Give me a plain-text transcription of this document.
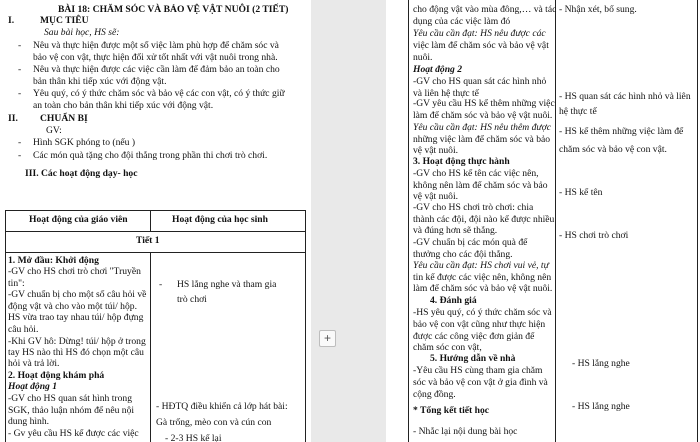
BÀI 18: CHĂM SÓC VÀ BẢO VỆ VẬT NUÔI (2 TIẾT)
I.	MỤC TIÊU
Sau bài học, HS sẽ:
- Nêu và thực hiện được một số việc làm phù hợp để chăm sóc và
bảo vệ con vật, thực hiện đối xử tốt nhất với vật nuôi trong nhà.
- Nêu và thực hiện được các việc cần làm để đảm bảo an toàn cho
bản thân khi tiếp xúc với động vật.
- Yêu quý, có ý thức chăm sóc và bảo vệ các con vật, có ý thức giữ
an toàn cho bản thân khi tiếp xúc với động vật.
II. CHUẨN BỊ
GV:
- Hình SGK phóng to (nếu )
- Các món quà tặng cho đội thắng trong phần thi chơi trò chơi.
III. Các hoạt động dạy- học
Hoạt động của giáo viên	Hoạt động của học sinh
Tiết 1
1. Mở đầu: Khởi động
-GV cho HS chơi trò chơi "Truyền
tin":
-GV chuẩn bị cho một số câu hỏi về
động vật và cho vào một túi/ hộp.
HS vừa trao tay nhau túi/ hộp đựng
câu hỏi.
-Khi GV hô: Dừng! túi/ hộp ở trong
tay HS nào thì HS đó chọn một câu
hỏi và trả lời.
2. Hoạt động khám phá
Hoạt động 1
-GV cho HS quan sát hình trong
SGK, thảo luận nhóm để nêu nội
dung hình.
- Gv yêu cầu HS kể được các việc
- HS lắng nghe và tham gia
trò chơi
- HĐTQ điều khiển cả lớp hát bài:
Gà trống, mèo con và cún con
- 2-3 HS kể lại
+
cho động vật vào mùa đông,… và tác
dụng của các việc làm đó
Yêu cầu cần đạt: HS nêu được các
việc làm để chăm sóc và bảo vệ vật
nuôi.
Hoạt động 2
-GV cho HS quan sát các hình nhỏ
và liên hệ thực tế
-GV yêu cầu HS kể thêm những việc
làm để chăm sóc và bảo vệ vật nuôi.
Yêu cầu cần đạt: HS nêu thêm được
những việc làm để chăm sóc và bảo
vệ vật nuôi.
3. Hoạt động thực hành
-GV cho HS kể tên các việc nên,
không nên làm để chăm sóc và bảo
vệ vật nuôi.
-GV cho HS chơi trò chơi: chia
thành các đội, đội nào kể được nhiều
và đúng hơn sẽ thắng.
-GV chuẩn bị các món quà để
thưởng cho các đội thắng.
Yêu cầu cần đạt: HS chơi vui vẻ, tự
tin kể được các việc nên, không nên
làm để chăm sóc và bảo vệ vật nuôi.
4. Đánh giá
-HS yêu quý, có ý thức chăm sóc và
bảo vệ con vật cũng như thực hiện
được các công việc đơn giản để
chăm sóc con vật,
5. Hướng dẫn về nhà
-Yêu cầu HS cùng tham gia chăm
sóc và bảo vệ con vật ở gia đình và
cộng đồng.
* Tổng kết tiết học
- Nhắc lại nội dung bài học
- Nhận xét, bổ sung.
- HS quan sát các hình nhỏ và liên
hệ thực tế
- HS kể thêm những việc làm để
chăm sóc và bảo vệ con vật.
- HS kể tên
- HS chơi trò chơi
- HS lắng nghe
- HS lắng nghe
